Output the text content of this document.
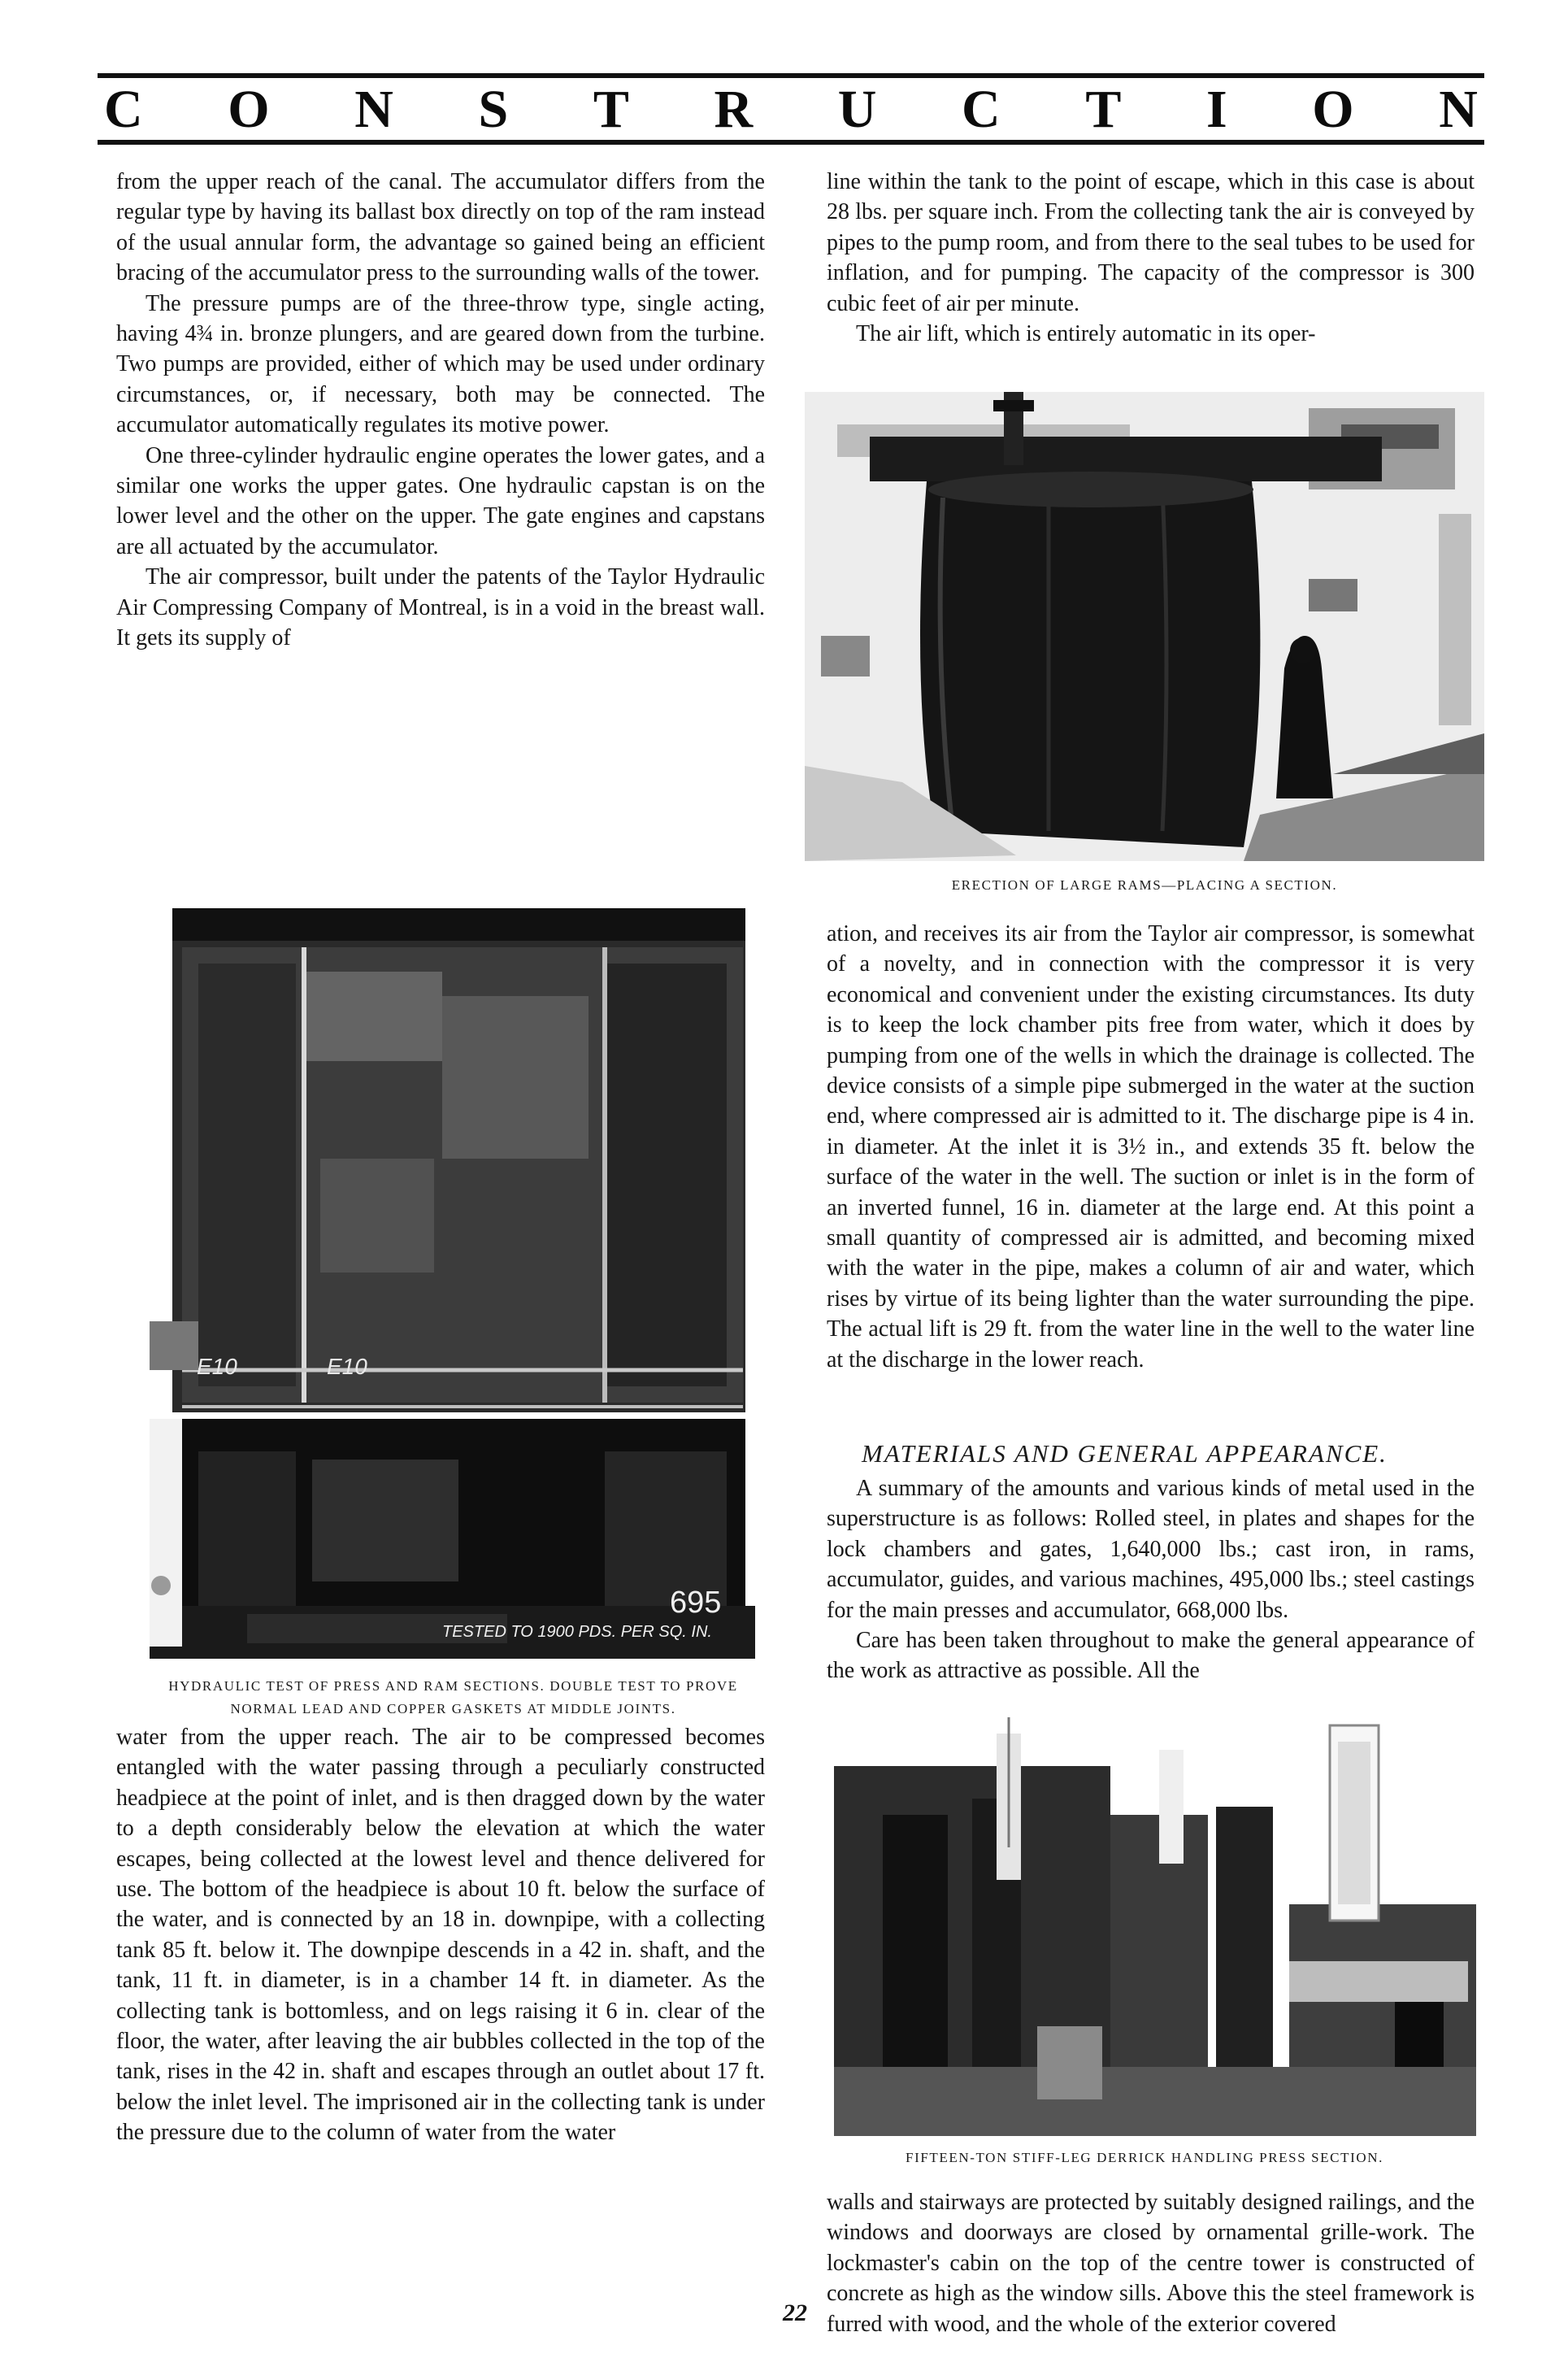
C O N S T R U C T I O N

from the upper reach of the canal. The accumulator differs from the regular type by having its ballast box directly on top of the ram instead of the usual annular form, the advantage so gained being an efficient bracing of the accumulator press to the surrounding walls of the tower.

The pressure pumps are of the three-throw type, single acting, having 4¾ in. bronze plungers, and are geared down from the turbine. Two pumps are provided, either of which may be used under ordinary circumstances, or, if necessary, both may be connected. The accumulator automatically regulates its motive power.

One three-cylinder hydraulic engine operates the lower gates, and a similar one works the upper gates. One hydraulic capstan is on the lower level and the other on the upper. The gate engines and capstans are all actuated by the accumulator.

The air compressor, built under the patents of the Taylor Hydraulic Air Compressing Company of Montreal, is in a void in the breast wall. It gets its supply of

line within the tank to the point of escape, which in this case is about 28 lbs. per square inch. From the collecting tank the air is conveyed by pipes to the pump room, and from there to the seal tubes to be used for inflation, and for pumping. The capacity of the compressor is 300 cubic feet of air per minute.

The air lift, which is entirely automatic in its oper-

ERECTION OF LARGE RAMS—PLACING A SECTION.
E10	E10
695
TESTED TO 1900 PDS. PER SQ. IN.
HYDRAULIC TEST OF PRESS AND RAM SECTIONS. DOUBLE TEST TO PROVE NORMAL LEAD AND COPPER GASKETS AT MIDDLE JOINTS.

ation, and receives its air from the Taylor air compressor, is somewhat of a novelty, and in connection with the compressor it is very economical and convenient under the existing circumstances. Its duty is to keep the lock chamber pits free from water, which it does by pumping from one of the wells in which the drainage is collected. The device consists of a simple pipe submerged in the water at the suction end, where compressed air is admitted to it. The discharge pipe is 4 in. in diameter. At the inlet it is 3½ in., and extends 35 ft. below the surface of the water in the well. The suction or inlet is in the form of an inverted funnel, 16 in. diameter at the large end. At this point a small quantity of compressed air is admitted, and becoming mixed with the water in the pipe, makes a column of air and water, which rises by virtue of its being lighter than the water surrounding the pipe. The actual lift is 29 ft. from the water line in the well to the water line at the discharge in the lower reach.

MATERIALS AND GENERAL APPEARANCE.

A summary of the amounts and various kinds of metal used in the superstructure is as follows: Rolled steel, in plates and shapes for the lock chambers and gates, 1,640,000 lbs.; cast iron, in rams, accumulator, guides, and various machines, 495,000 lbs.; steel castings for the main presses and accumulator, 668,000 lbs.

Care has been taken throughout to make the general appearance of the work as attractive as possible. All the

FIFTEEN-TON STIFF-LEG DERRICK HANDLING PRESS SECTION.

water from the upper reach. The air to be compressed becomes entangled with the water passing through a peculiarly constructed headpiece at the point of inlet, and is then dragged down by the water to a depth considerably below the elevation at which the water escapes, being collected at the lowest level and thence delivered for use. The bottom of the headpiece is about 10 ft. below the surface of the water, and is connected by an 18 in. downpipe, with a collecting tank 85 ft. below it. The downpipe descends in a 42 in. shaft, and the tank, 11 ft. in diameter, is in a chamber 14 ft. in diameter. As the collecting tank is bottomless, and on legs raising it 6 in. clear of the floor, the water, after leaving the air bubbles collected in the top of the tank, rises in the 42 in. shaft and escapes through an outlet about 17 ft. below the inlet level. The imprisoned air in the collecting tank is under the pressure due to the column of water from the water

walls and stairways are protected by suitably designed railings, and the windows and doorways are closed by ornamental grille-work. The lockmaster's cabin on the top of the centre tower is constructed of concrete as high as the window sills. Above this the steel framework is furred with wood, and the whole of the exterior covered

22
